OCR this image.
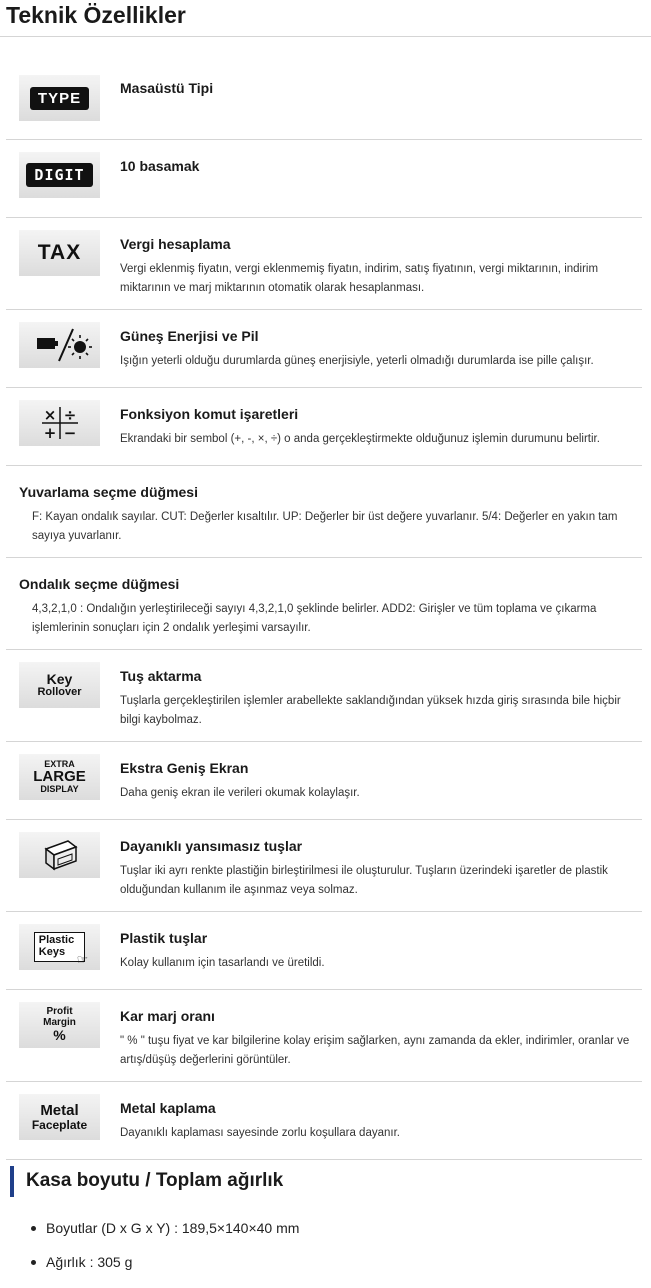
Teknik Özellikler
TYPE
Masaüstü Tipi
DIGIT	10 basamak
TAX	Vergi hesaplama

Vergi eklenmiş fiyatın, vergi eklenmemiş fiyatın, indirim, satış fiyatının, vergi miktarının, indirim miktarının ve marj miktarının otomatik olarak hesaplanması.

Güneş Enerjisi ve Pil

Işığın yeterli olduğu durumlarda güneş enerjisiyle, yeterli olmadığı durumlarda ise pille çalışır.

× ÷
+ −
Fonksiyon komut işaretleri

Ekrandaki bir sembol (+, -, ×, ÷) o anda gerçekleştirmekte olduğunuz işlemin durumunu belirtir.

Yuvarlama seçme düğmesi

F: Kayan ondalık sayılar. CUT: Değerler kısaltılır. UP: Değerler bir üst değere yuvarlanır. 5/4: Değerler en yakın tam sayıya yuvarlanır.

Ondalık seçme düğmesi

4,3,2,1,0 : Ondalığın yerleştirileceği sayıyı 4,3,2,1,0 şeklinde belirler. ADD2: Girişler ve tüm toplama ve çıkarma işlemlerinin sonuçları için 2 ondalık yerleşimi varsayılır.

Key
Rollover
Tuş aktarma

Tuşlarla gerçekleştirilen işlemler arabellekte saklandığından yüksek hızda giriş sırasında bile hiçbir bilgi kaybolmaz.

EXTRA
LARGE
DISPLAY
Ekstra Geniş Ekran

Daha geniş ekran ile verileri okumak kolaylaşır.

Dayanıklı yansımasız tuşlar

Tuşlar iki ayrı renkte plastiğin birleştirilmesi ile oluşturulur. Tuşların üzerindeki işaretler de plastik olduğundan kullanım ile aşınmaz veya solmaz.

Plastic
Keys ☞
Plastik tuşlar

Kolay kullanım için tasarlandı ve üretildi.

Profit
Margin
%
Kar marj oranı

" % " tuşu fiyat ve kar bilgilerine kolay erişim sağlarken, aynı zamanda da ekler, indirimler, oranlar ve artış/düşüş değerlerini görüntüler.

Metal
Faceplate
Metal kaplama

Dayanıklı kaplaması sayesinde zorlu koşullara dayanır.

Kasa boyutu / Toplam ağırlık
Boyutlar (D x G x Y) : 189,5×140×40 mm
Ağırlık : 305 g
